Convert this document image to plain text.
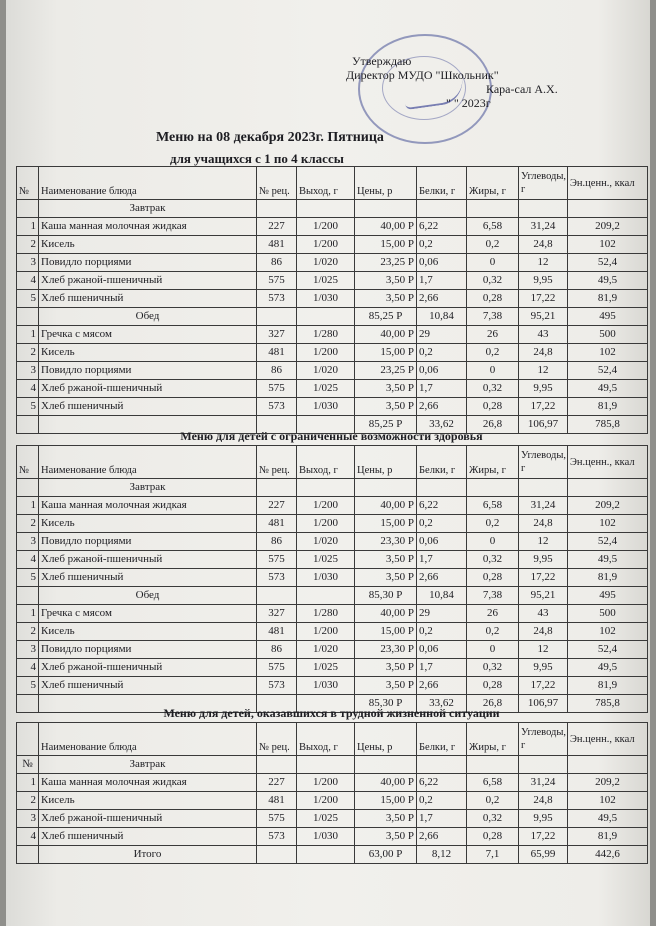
Утверждаю
Директор МУДО "Школьник"
Кара-сал А.Х.
" " 2023г
Меню на 08 декабря 2023г. Пятница
для учащихся с 1 по 4 классы
№	Наименование блюда	№ рец.	Выход, г	Цены, р	Белки, г	Жиры, г	Углеводы, г	Эн.ценн., ккал
	Завтрак							
1	Каша манная молочная жидкая	227	1/200	40,00 Р	6,22	6,58	31,24	209,2
2	Кисель	481	1/200	15,00 Р	0,2	0,2	24,8	102
3	Повидло порциями	86	1/020	23,25 Р	0,06	0	12	52,4
4	Хлеб ржаной-пшеничный	575	1/025	3,50 Р	1,7	0,32	9,95	49,5
5	Хлеб пшеничный	573	1/030	3,50 Р	2,66	0,28	17,22	81,9
	Обед			85,25 Р	10,84	7,38	95,21	495
1	Гречка с мясом	327	1/280	40,00 Р	29	26	43	500
2	Кисель	481	1/200	15,00 Р	0,2	0,2	24,8	102
3	Повидло порциями	86	1/020	23,25 Р	0,06	0	12	52,4
4	Хлеб ржаной-пшеничный	575	1/025	3,50 Р	1,7	0,32	9,95	49,5
5	Хлеб пшеничный	573	1/030	3,50 Р	2,66	0,28	17,22	81,9
				85,25 Р	33,62	26,8	106,97	785,8
Меню для детей с ограниченные возможности здоровья
№	Наименование блюда	№ рец.	Выход, г	Цены, р	Белки, г	Жиры, г	Углеводы, г	Эн.ценн., ккал
	Завтрак							
1	Каша манная молочная жидкая	227	1/200	40,00 Р	6,22	6,58	31,24	209,2
2	Кисель	481	1/200	15,00 Р	0,2	0,2	24,8	102
3	Повидло порциями	86	1/020	23,30 Р	0,06	0	12	52,4
4	Хлеб ржаной-пшеничный	575	1/025	3,50 Р	1,7	0,32	9,95	49,5
5	Хлеб пшеничный	573	1/030	3,50 Р	2,66	0,28	17,22	81,9
	Обед			85,30 Р	10,84	7,38	95,21	495
1	Гречка с мясом	327	1/280	40,00 Р	29	26	43	500
2	Кисель	481	1/200	15,00 Р	0,2	0,2	24,8	102
3	Повидло порциями	86	1/020	23,30 Р	0,06	0	12	52,4
4	Хлеб ржаной-пшеничный	575	1/025	3,50 Р	1,7	0,32	9,95	49,5
5	Хлеб пшеничный	573	1/030	3,50 Р	2,66	0,28	17,22	81,9
				85,30 Р	33,62	26,8	106,97	785,8
Меню для детей, оказавшихся в трудной жизненной ситуации
	Наименование блюда	№ рец.	Выход, г	Цены, р	Белки, г	Жиры, г	Углеводы, г	Эн.ценн., ккал
№	Завтрак							
1	Каша манная молочная жидкая	227	1/200	40,00 Р	6,22	6,58	31,24	209,2
2	Кисель	481	1/200	15,00 Р	0,2	0,2	24,8	102
3	Хлеб ржаной-пшеничный	575	1/025	3,50 Р	1,7	0,32	9,95	49,5
4	Хлеб пшеничный	573	1/030	3,50 Р	2,66	0,28	17,22	81,9
	Итого			63,00 Р	8,12	7,1	65,99	442,6
